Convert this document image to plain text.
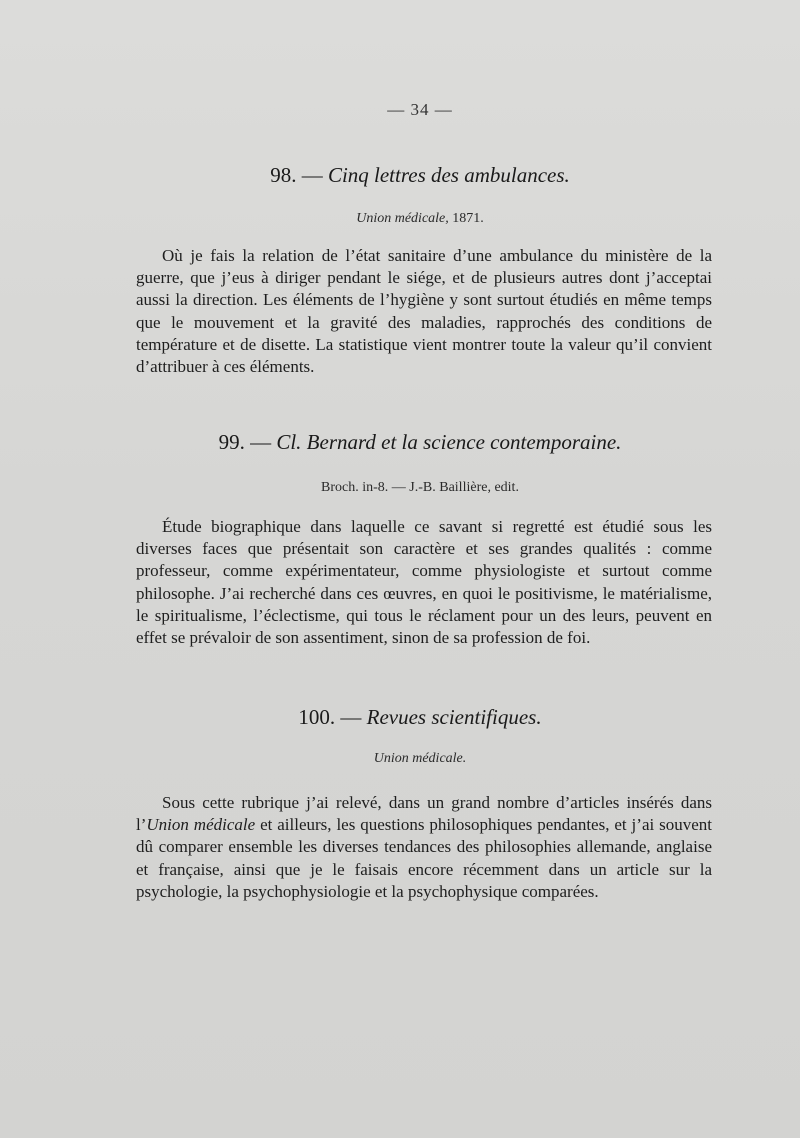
— 34 —
98. — Cinq lettres des ambulances.
Union médicale, 1871.

Où je fais la relation de l’état sanitaire d’une ambulance du ministère de la guerre, que j’eus à diriger pendant le siége, et de plusieurs autres dont j’acceptai aussi la direction. Les éléments de l’hygiène y sont surtout étudiés en même temps que le mouvement et la gravité des maladies, rapprochés des conditions de température et de disette. La statistique vient montrer toute la valeur qu’il convient d’attribuer à ces éléments.

99. — Cl. Bernard et la science contemporaine.
Broch. in-8. — J.-B. Baillière, edit.

Étude biographique dans laquelle ce savant si regretté est étudié sous les diverses faces que présentait son caractère et ses grandes qualités : comme professeur, comme expérimentateur, comme physiologiste et surtout comme philosophe. J’ai recherché dans ces œuvres, en quoi le positivisme, le matérialisme, le spiritualisme, l’éclectisme, qui tous le réclament pour un des leurs, peuvent en effet se prévaloir de son assentiment, sinon de sa profession de foi.

100. — Revues scientifiques.
Union médicale.

Sous cette rubrique j’ai relevé, dans un grand nombre d’articles insérés dans l’Union médicale et ailleurs, les questions philosophiques pendantes, et j’ai souvent dû comparer ensemble les diverses tendances des philosophies allemande, anglaise et française, ainsi que je le faisais encore récemment dans un article sur la psychologie, la psychophysiologie et la psychophysique comparées.
